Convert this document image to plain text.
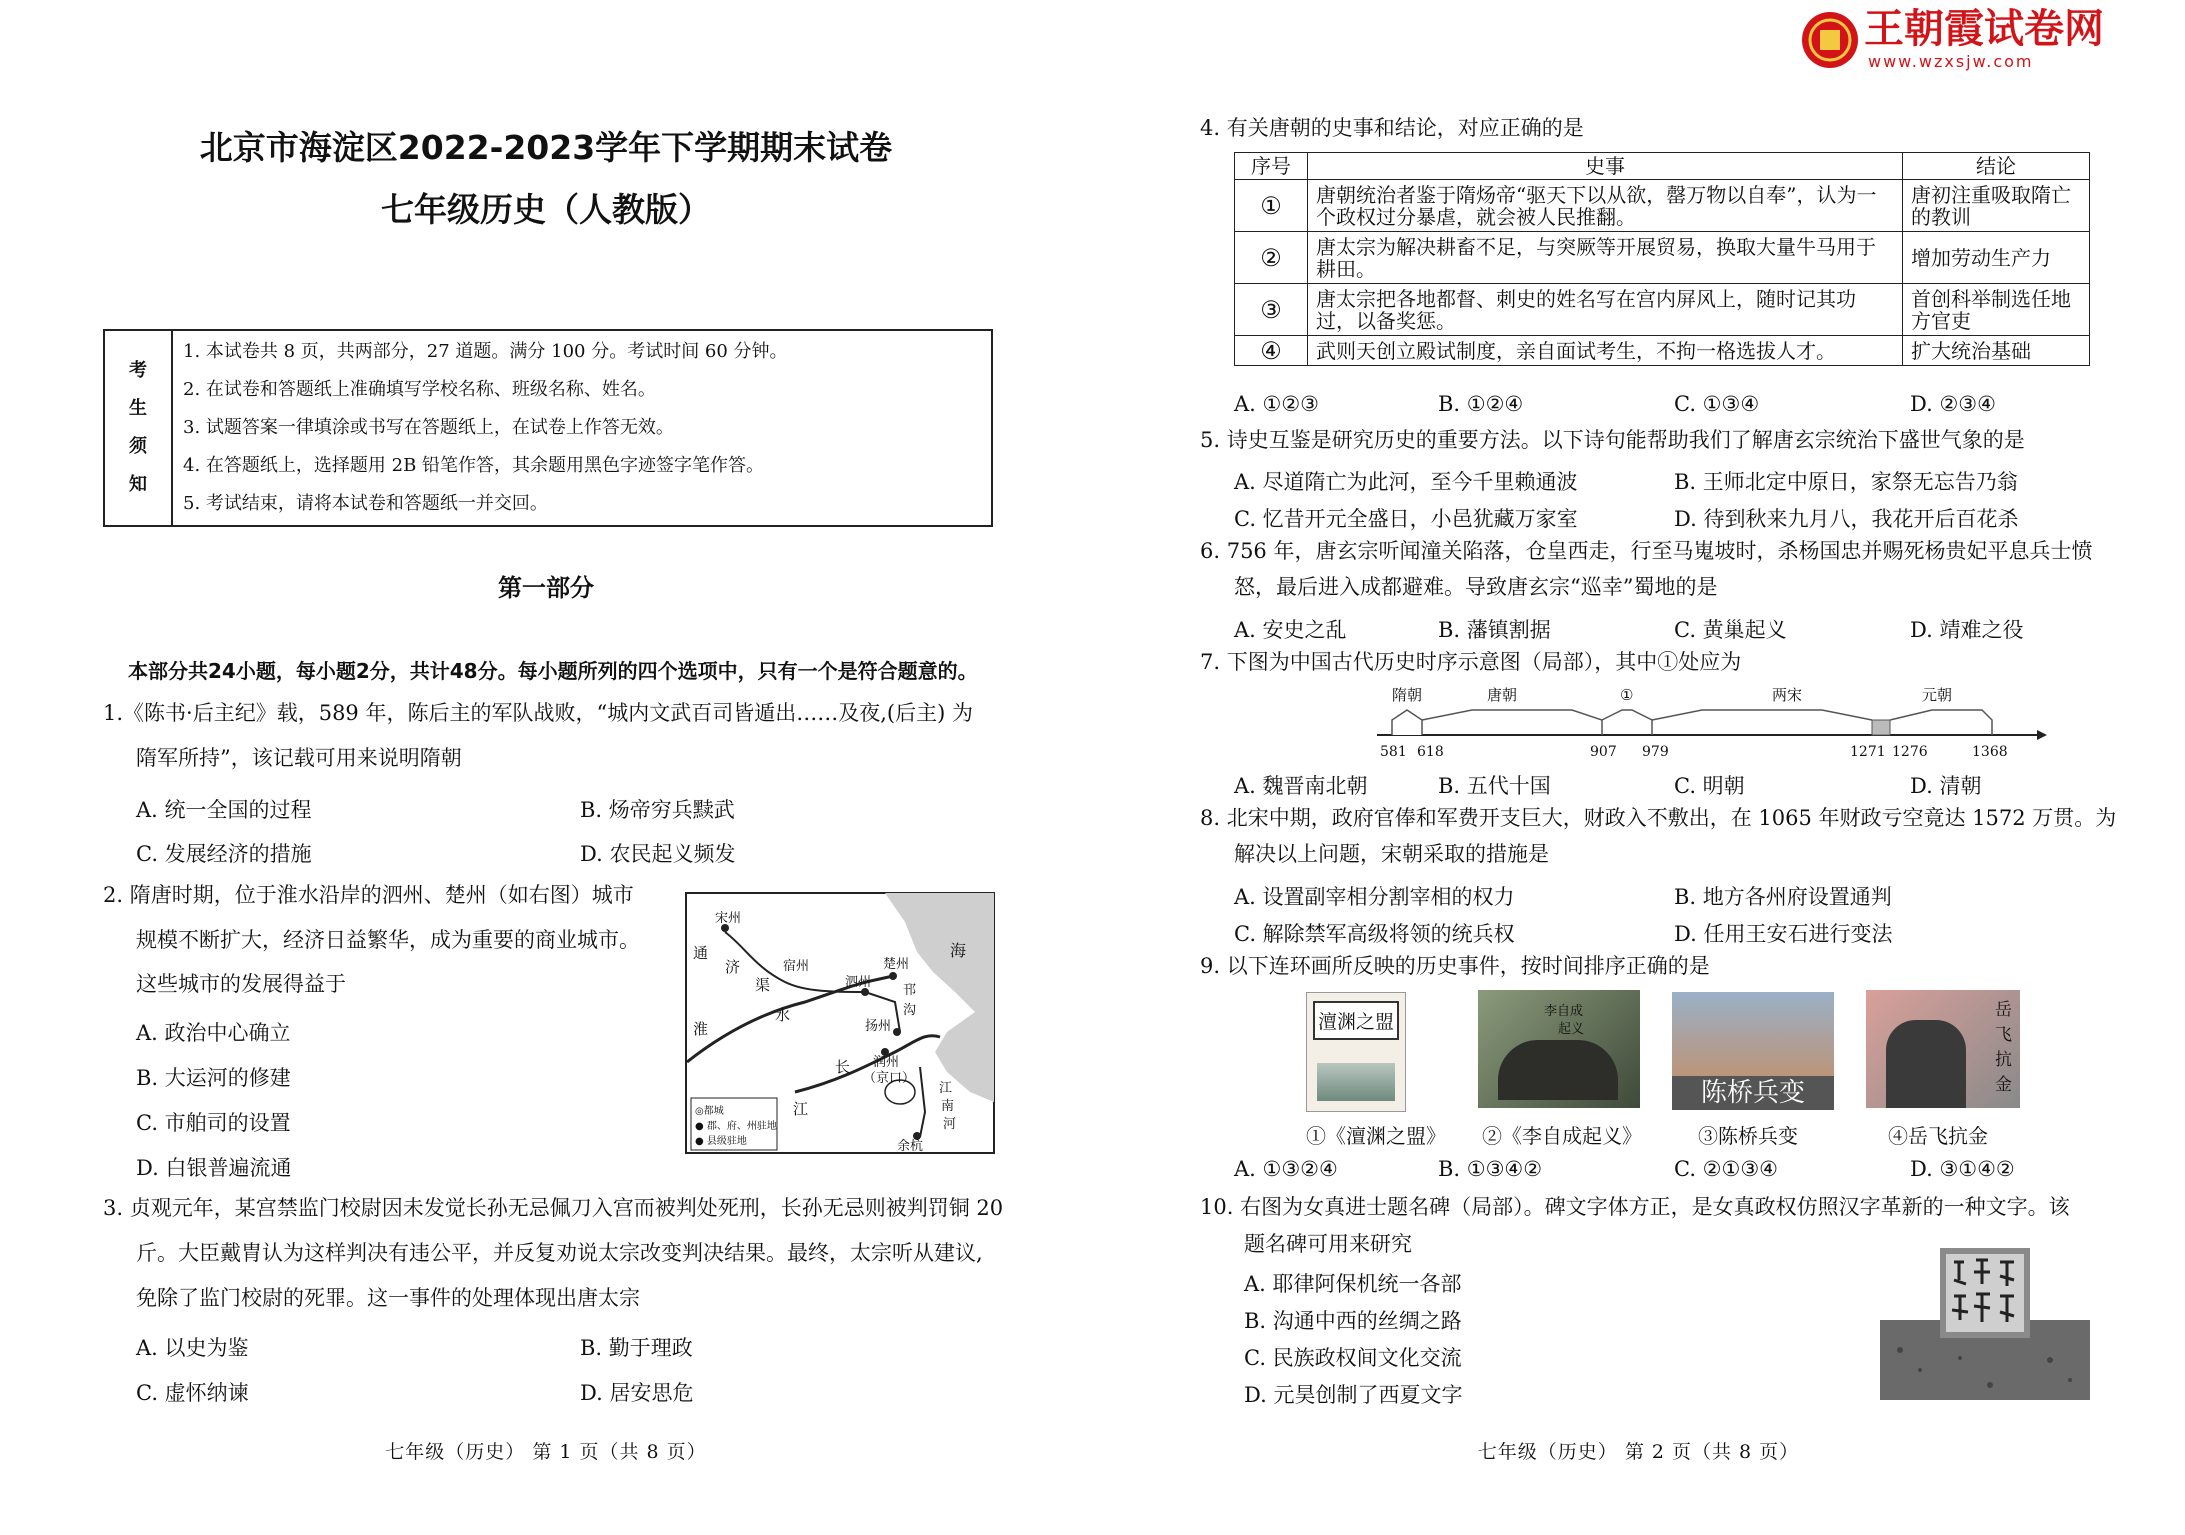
北京市海淀区2022-2023学年下学期期末试卷
七年级历史（人教版）
考
生
须
知

1. 本试卷共 8 页，共两部分，27 道题。满分 100 分。考试时间 60 分钟。
2. 在试卷和答题纸上准确填写学校名称、班级名称、姓名。
3. 试题答案一律填涂或书写在答题纸上，在试卷上作答无效。
4. 在答题纸上，选择题用 2B 铅笔作答，其余题用黑色字迹签字笔作答。
5. 考试结束，请将本试卷和答题纸一并交回。
第一部分
本部分共24小题，每小题2分，共计48分。每小题所列的四个选项中，只有一个是符合题意的。
1.《陈书·后主纪》载，589 年，陈后主的军队战败，“城内文武百司皆遁出……及夜,(后主) 为
隋军所持”，该记载可用来说明隋朝
A. 统一全国的过程	B. 炀帝穷兵黩武
C. 发展经济的措施	D. 农民起义频发
2. 隋唐时期，位于淮水沿岸的泗州、楚州（如右图）城市
规模不断扩大，经济日益繁华，成为重要的商业城市。
这些城市的发展得益于
A. 政治中心确立
B. 大运河的修建
C. 市舶司的设置
D. 白银普遍流通
宋州
海
通
济
渠
宿州
泗州
楚州
邗
沟
淮
水
扬州
润州
（京口）
长
江
江
南
河
余杭
◎都城
● 郡、府、州驻地
● 县级驻地
3. 贞观元年，某宫禁监门校尉因未发觉长孙无忌佩刀入宫而被判处死刑，长孙无忌则被判罚铜 20
斤。大臣戴胄认为这样判决有违公平，并反复劝说太宗改变判决结果。最终，太宗听从建议,
免除了监门校尉的死罪。这一事件的处理体现出唐太宗
A. 以史为鉴	B. 勤于理政
C. 虚怀纳谏	D. 居安思危
七年级（历史） 第 1 页（共 8 页）
王朝霞试卷网
www.wzxsjw.com
4. 有关唐朝的史事和结论，对应正确的是
序号	史事	结论
①	唐朝统治者鉴于隋炀帝“驱天下以从欲，罄万物以自奉”，认为一个政权过分暴虐，就会被人民推翻。	唐初注重吸取隋亡的教训
②	唐太宗为解决耕畜不足，与突厥等开展贸易，换取大量牛马用于耕田。	增加劳动生产力
③	唐太宗把各地都督、刺史的姓名写在宫内屏风上，随时记其功过，以备奖惩。	首创科举制选任地方官吏
④	武则天创立殿试制度，亲自面试考生，不拘一格选拔人才。	扩大统治基础
A. ①②③	B. ①②④	C. ①③④	D. ②③④
5. 诗史互鉴是研究历史的重要方法。以下诗句能帮助我们了解唐玄宗统治下盛世气象的是
A. 尽道隋亡为此河，至今千里赖通波	B. 王师北定中原日，家祭无忘告乃翁
C. 忆昔开元全盛日，小邑犹藏万家室	D. 待到秋来九月八，我花开后百花杀
6. 756 年，唐玄宗听闻潼关陷落，仓皇西走，行至马嵬坡时，杀杨国忠并赐死杨贵妃平息兵士愤
怒，最后进入成都避难。导致唐玄宗“巡幸”蜀地的是
A. 安史之乱	B. 藩镇割据	C. 黄巢起义	D. 靖难之役
7. 下图为中国古代历史时序示意图（局部），其中①处应为
隋朝	唐朝	①	两宋	元朝
581 618	907 979	1271 1276	1368
A. 魏晋南北朝	B. 五代十国	C. 明朝	D. 清朝
8. 北宋中期，政府官俸和军费开支巨大，财政入不敷出，在 1065 年财政亏空竟达 1572 万贯。为
解决以上问题，宋朝采取的措施是
A. 设置副宰相分割宰相的权力	B. 地方各州府设置通判
C. 解除禁军高级将领的统兵权	D. 任用王安石进行变法
9. 以下连环画所反映的历史事件，按时间排序正确的是
澶渊之盟	李自成
起义
陈桥兵变
岳
飞
抗
金
①《澶渊之盟》 ②《李自成起义》	③陈桥兵变	④岳飞抗金
A. ①③②④	B. ①③④②	C. ②①③④	D. ③①④②
10. 右图为女真进士题名碑（局部）。碑文字体方正，是女真政权仿照汉字革新的一种文字。该
题名碑可用来研究
A. 耶律阿保机统一各部
B. 沟通中西的丝绸之路
C. 民族政权间文化交流
D. 元昊创制了西夏文字
七年级（历史） 第 2 页（共 8 页）
